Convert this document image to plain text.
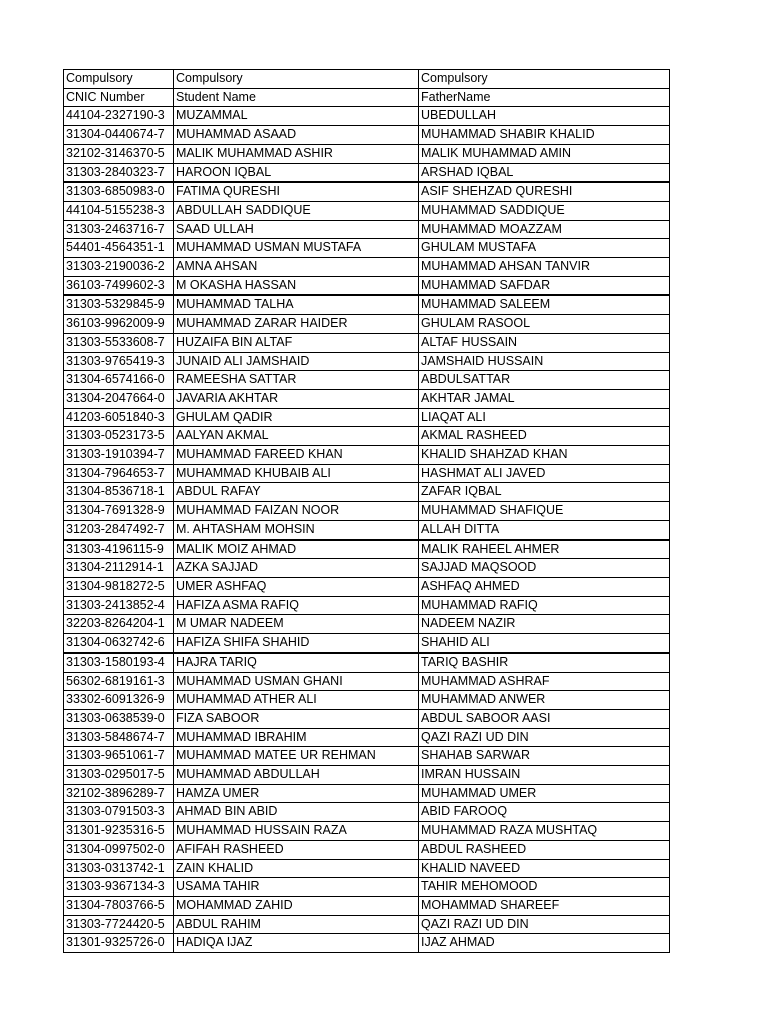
Compulsory	Compulsory	Compulsory
CNIC Number	Student Name	FatherName
44104-2327190-3	MUZAMMAL	UBEDULLAH
31304-0440674-7	MUHAMMAD ASAAD	MUHAMMAD SHABIR KHALID
32102-3146370-5	MALIK MUHAMMAD ASHIR	MALIK MUHAMMAD AMIN
31303-2840323-7	HAROON IQBAL	ARSHAD IQBAL
31303-6850983-0	FATIMA QURESHI	ASIF SHEHZAD QURESHI
44104-5155238-3	ABDULLAH SADDIQUE	MUHAMMAD SADDIQUE
31303-2463716-7	SAAD ULLAH	MUHAMMAD MOAZZAM
54401-4564351-1	MUHAMMAD USMAN MUSTAFA	GHULAM MUSTAFA
31303-2190036-2	AMNA AHSAN	MUHAMMAD AHSAN TANVIR
36103-7499602-3	M OKASHA HASSAN	MUHAMMAD SAFDAR
31303-5329845-9	MUHAMMAD TALHA	MUHAMMAD SALEEM
36103-9962009-9	MUHAMMAD ZARAR HAIDER	GHULAM RASOOL
31303-5533608-7	HUZAIFA BIN ALTAF	ALTAF HUSSAIN
31303-9765419-3	JUNAID ALI JAMSHAID	JAMSHAID HUSSAIN
31304-6574166-0	RAMEESHA SATTAR	ABDULSATTAR
31304-2047664-0	JAVARIA AKHTAR	AKHTAR JAMAL
41203-6051840-3	GHULAM QADIR	LIAQAT ALI
31303-0523173-5	AALYAN AKMAL	AKMAL RASHEED
31303-1910394-7	MUHAMMAD FAREED KHAN	KHALID SHAHZAD KHAN
31304-7964653-7	MUHAMMAD KHUBAIB ALI	HASHMAT ALI JAVED
31304-8536718-1	ABDUL RAFAY	ZAFAR IQBAL
31304-7691328-9	MUHAMMAD FAIZAN NOOR	MUHAMMAD SHAFIQUE
31203-2847492-7	M. AHTASHAM MOHSIN	ALLAH DITTA
31303-4196115-9	MALIK MOIZ AHMAD	MALIK RAHEEL AHMER
31304-2112914-1	AZKA SAJJAD	SAJJAD MAQSOOD
31304-9818272-5	UMER ASHFAQ	ASHFAQ AHMED
31303-2413852-4	HAFIZA ASMA RAFIQ	MUHAMMAD RAFIQ
32203-8264204-1	M UMAR NADEEM	NADEEM NAZIR
31304-0632742-6	HAFIZA SHIFA SHAHID	SHAHID ALI
31303-1580193-4	HAJRA TARIQ	TARIQ BASHIR
56302-6819161-3	MUHAMMAD USMAN GHANI	MUHAMMAD ASHRAF
33302-6091326-9	MUHAMMAD ATHER ALI	MUHAMMAD ANWER
31303-0638539-0	FIZA SABOOR	ABDUL SABOOR AASI
31303-5848674-7	MUHAMMAD IBRAHIM	QAZI RAZI UD DIN
31303-9651061-7	MUHAMMAD MATEE UR REHMAN	SHAHAB SARWAR
31303-0295017-5	MUHAMMAD ABDULLAH	IMRAN HUSSAIN
32102-3896289-7	HAMZA UMER	MUHAMMAD UMER
31303-0791503-3	AHMAD BIN ABID	ABID FAROOQ
31301-9235316-5	MUHAMMAD HUSSAIN RAZA	MUHAMMAD RAZA MUSHTAQ
31304-0997502-0	AFIFAH RASHEED	ABDUL RASHEED
31303-0313742-1	ZAIN KHALID	KHALID NAVEED
31303-9367134-3	USAMA TAHIR	TAHIR MEHOMOOD
31304-7803766-5	MOHAMMAD ZAHID	MOHAMMAD SHAREEF
31303-7724420-5	ABDUL RAHIM	QAZI RAZI UD DIN
31301-9325726-0	HADIQA IJAZ	IJAZ AHMAD
